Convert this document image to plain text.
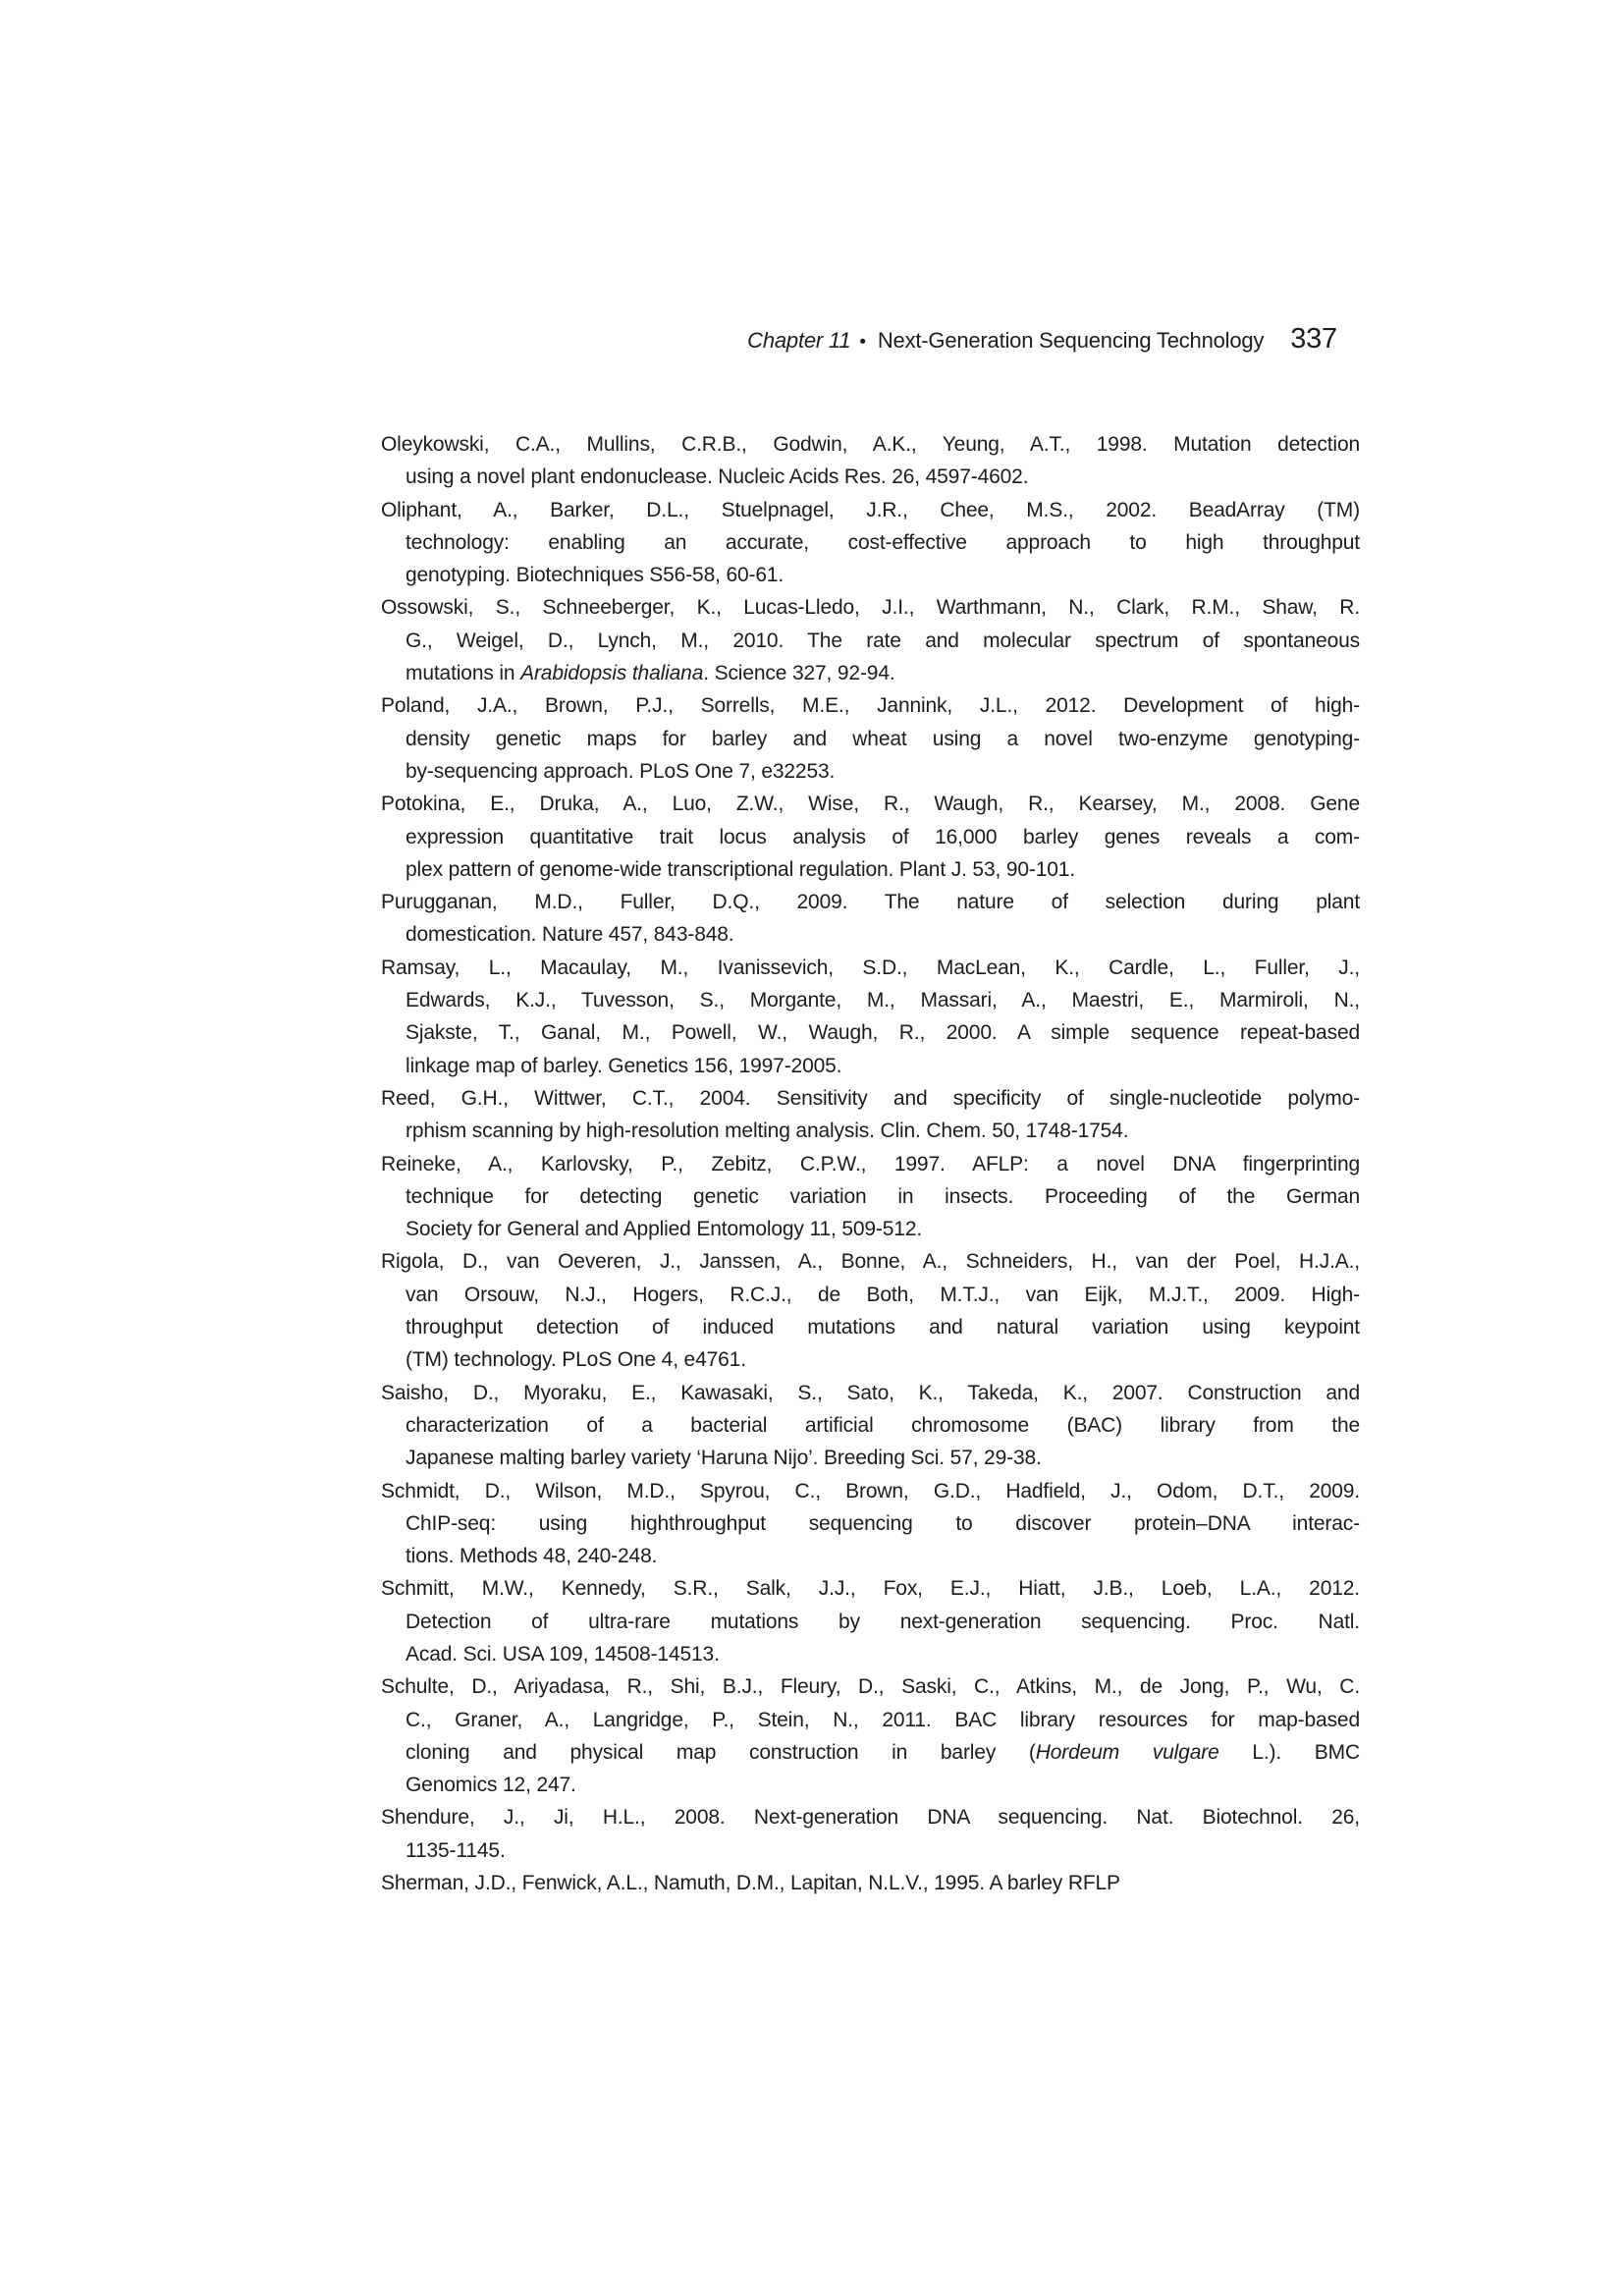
Chapter 11 • Next-Generation Sequencing Technology 337
Oleykowski, C.A., Mullins, C.R.B., Godwin, A.K., Yeung, A.T., 1998. Mutation detection
using a novel plant endonuclease. Nucleic Acids Res. 26, 4597-4602.
Oliphant, A., Barker, D.L., Stuelpnagel, J.R., Chee, M.S., 2002. BeadArray (TM)
technology: enabling an accurate, cost-effective approach to high throughput
genotyping. Biotechniques S56-58, 60-61.
Ossowski, S., Schneeberger, K., Lucas-Lledo, J.I., Warthmann, N., Clark, R.M., Shaw, R.
G., Weigel, D., Lynch, M., 2010. The rate and molecular spectrum of spontaneous
mutations in Arabidopsis thaliana. Science 327, 92-94.
Poland, J.A., Brown, P.J., Sorrells, M.E., Jannink, J.L., 2012. Development of high-
density genetic maps for barley and wheat using a novel two-enzyme genotyping-
by-sequencing approach. PLoS One 7, e32253.
Potokina, E., Druka, A., Luo, Z.W., Wise, R., Waugh, R., Kearsey, M., 2008. Gene
expression quantitative trait locus analysis of 16,000 barley genes reveals a com-
plex pattern of genome-wide transcriptional regulation. Plant J. 53, 90-101.
Purugganan, M.D., Fuller, D.Q., 2009. The nature of selection during plant
domestication. Nature 457, 843-848.
Ramsay, L., Macaulay, M., Ivanissevich, S.D., MacLean, K., Cardle, L., Fuller, J.,
Edwards, K.J., Tuvesson, S., Morgante, M., Massari, A., Maestri, E., Marmiroli, N.,
Sjakste, T., Ganal, M., Powell, W., Waugh, R., 2000. A simple sequence repeat-based
linkage map of barley. Genetics 156, 1997-2005.
Reed, G.H., Wittwer, C.T., 2004. Sensitivity and specificity of single-nucleotide polymo-
rphism scanning by high-resolution melting analysis. Clin. Chem. 50, 1748-1754.
Reineke, A., Karlovsky, P., Zebitz, C.P.W., 1997. AFLP: a novel DNA fingerprinting
technique for detecting genetic variation in insects. Proceeding of the German
Society for General and Applied Entomology 11, 509-512.
Rigola, D., van Oeveren, J., Janssen, A., Bonne, A., Schneiders, H., van der Poel, H.J.A.,
van Orsouw, N.J., Hogers, R.C.J., de Both, M.T.J., van Eijk, M.J.T., 2009. High-
throughput detection of induced mutations and natural variation using keypoint
(TM) technology. PLoS One 4, e4761.
Saisho, D., Myoraku, E., Kawasaki, S., Sato, K., Takeda, K., 2007. Construction and
characterization of a bacterial artificial chromosome (BAC) library from the
Japanese malting barley variety ‘Haruna Nijo’. Breeding Sci. 57, 29-38.
Schmidt, D., Wilson, M.D., Spyrou, C., Brown, G.D., Hadfield, J., Odom, D.T., 2009.
ChIP-seq: using highthroughput sequencing to discover protein–DNA interac-
tions. Methods 48, 240-248.
Schmitt, M.W., Kennedy, S.R., Salk, J.J., Fox, E.J., Hiatt, J.B., Loeb, L.A., 2012.
Detection of ultra-rare mutations by next-generation sequencing. Proc. Natl.
Acad. Sci. USA 109, 14508-14513.
Schulte, D., Ariyadasa, R., Shi, B.J., Fleury, D., Saski, C., Atkins, M., de Jong, P., Wu, C.
C., Graner, A., Langridge, P., Stein, N., 2011. BAC library resources for map-based
cloning and physical map construction in barley (Hordeum vulgare L.). BMC
Genomics 12, 247.
Shendure, J., Ji, H.L., 2008. Next-generation DNA sequencing. Nat. Biotechnol. 26,
1135-1145.
Sherman, J.D., Fenwick, A.L., Namuth, D.M., Lapitan, N.L.V., 1995. A barley RFLP
